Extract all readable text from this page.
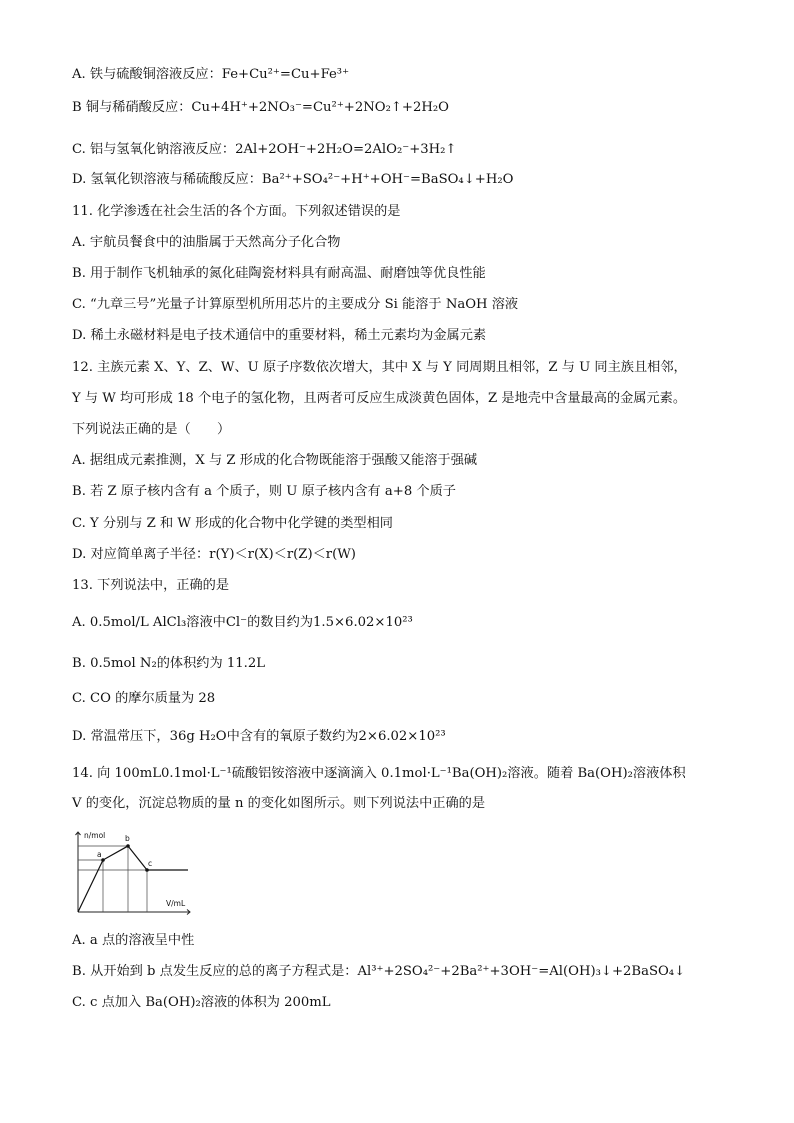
A. 铁与硫酸铜溶液反应：Fe+Cu²⁺=Cu+Fe³⁺
B 铜与稀硝酸反应：Cu+4H⁺+2NO₃⁻=Cu²⁺+2NO₂↑+2H₂O
C. 铝与氢氧化钠溶液反应：2Al+2OH⁻+2H₂O=2AlO₂⁻+3H₂↑
D. 氢氧化钡溶液与稀硫酸反应：Ba²⁺+SO₄²⁻+H⁺+OH⁻=BaSO₄↓+H₂O
11. 化学渗透在社会生活的各个方面。下列叙述错误的是
A. 宇航员餐食中的油脂属于天然高分子化合物
B. 用于制作飞机轴承的氮化硅陶瓷材料具有耐高温、耐磨蚀等优良性能
C. “九章三号”光量子计算原型机所用芯片的主要成分 Si 能溶于 NaOH 溶液
D. 稀土永磁材料是电子技术通信中的重要材料，稀土元素均为金属元素
12. 主族元素 X、Y、Z、W、U 原子序数依次增大，其中 X 与 Y 同周期且相邻，Z 与 U 同主族且相邻，
Y 与 W 均可形成 18 个电子的氢化物，且两者可反应生成淡黄色固体，Z 是地壳中含量最高的金属元素。
下列说法正确的是（　　）
A. 据组成元素推测，X 与 Z 形成的化合物既能溶于强酸又能溶于强碱
B. 若 Z 原子核内含有 a 个质子，则 U 原子核内含有 a+8 个质子
C. Y 分别与 Z 和 W 形成的化合物中化学键的类型相同
D. 对应简单离子半径：r(Y)＜r(X)＜r(Z)＜r(W)
13. 下列说法中，正确的是
A. 0.5mol/L AlCl₃溶液中Cl⁻的数目约为1.5×6.02×10²³
B. 0.5mol N₂的体积约为 11.2L
C. CO 的摩尔质量为 28
D. 常温常压下，36g H₂O中含有的氧原子数约为2×6.02×10²³
14. 向 100mL0.1mol·L⁻¹硫酸铝铵溶液中逐滴滴入 0.1mol·L⁻¹Ba(OH)₂溶液。随着 Ba(OH)₂溶液体积
V 的变化，沉淀总物质的量 n 的变化如图所示。则下列说法中正确的是
n/mol
V/mL
a
b
c
A. a 点的溶液呈中性
B. 从开始到 b 点发生反应的总的离子方程式是：Al³⁺+2SO₄²⁻+2Ba²⁺+3OH⁻=Al(OH)₃↓+2BaSO₄↓
C. c 点加入 Ba(OH)₂溶液的体积为 200mL
